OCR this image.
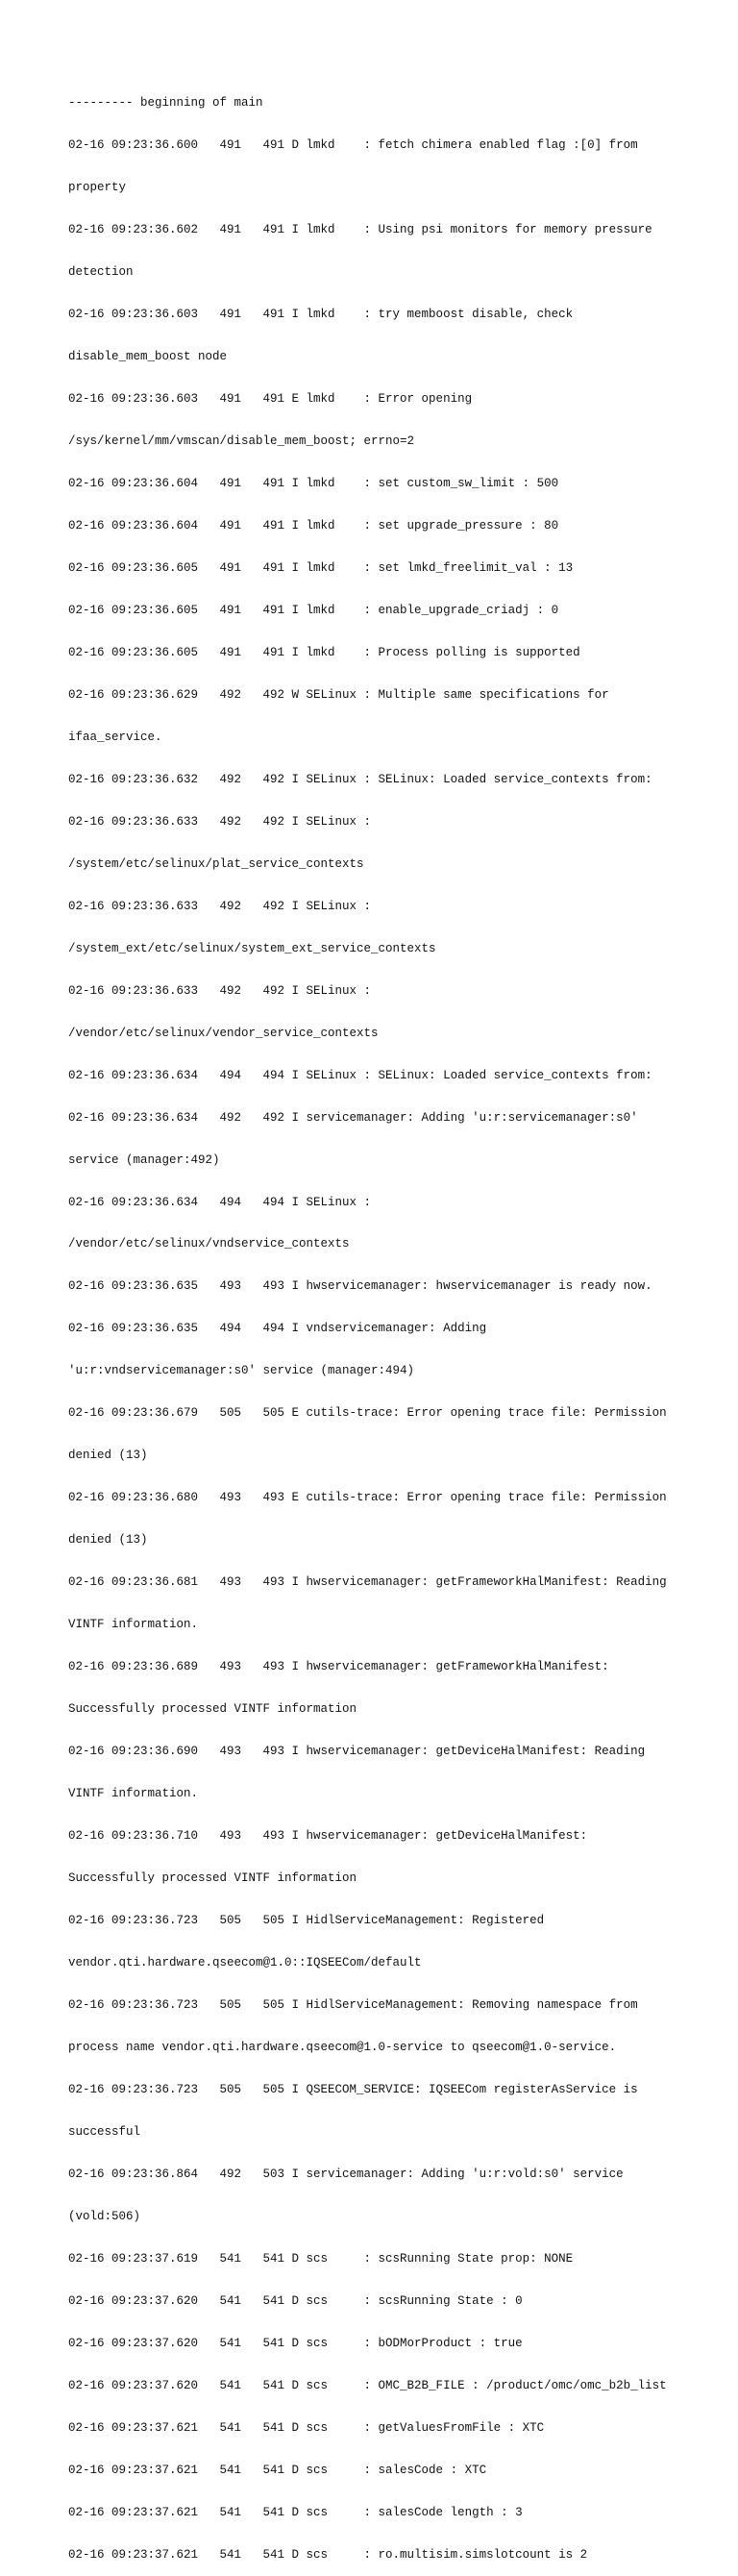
--------- beginning of main

02-16 09:23:36.600   491   491 D lmkd    : fetch chimera enabled flag :[0] from

property

02-16 09:23:36.602   491   491 I lmkd    : Using psi monitors for memory pressure

detection

02-16 09:23:36.603   491   491 I lmkd    : try memboost disable, check

disable_mem_boost node

02-16 09:23:36.603   491   491 E lmkd    : Error opening

/sys/kernel/mm/vmscan/disable_mem_boost; errno=2

02-16 09:23:36.604   491   491 I lmkd    : set custom_sw_limit : 500

02-16 09:23:36.604   491   491 I lmkd    : set upgrade_pressure : 80

02-16 09:23:36.605   491   491 I lmkd    : set lmkd_freelimit_val : 13

02-16 09:23:36.605   491   491 I lmkd    : enable_upgrade_criadj : 0

02-16 09:23:36.605   491   491 I lmkd    : Process polling is supported

02-16 09:23:36.629   492   492 W SELinux : Multiple same specifications for

ifaa_service.

02-16 09:23:36.632   492   492 I SELinux : SELinux: Loaded service_contexts from:

02-16 09:23:36.633   492   492 I SELinux :

/system/etc/selinux/plat_service_contexts

02-16 09:23:36.633   492   492 I SELinux :

/system_ext/etc/selinux/system_ext_service_contexts

02-16 09:23:36.633   492   492 I SELinux :

/vendor/etc/selinux/vendor_service_contexts

02-16 09:23:36.634   494   494 I SELinux : SELinux: Loaded service_contexts from:

02-16 09:23:36.634   492   492 I servicemanager: Adding 'u:r:servicemanager:s0'

service (manager:492)

02-16 09:23:36.634   494   494 I SELinux :

/vendor/etc/selinux/vndservice_contexts

02-16 09:23:36.635   493   493 I hwservicemanager: hwservicemanager is ready now.

02-16 09:23:36.635   494   494 I vndservicemanager: Adding

'u:r:vndservicemanager:s0' service (manager:494)

02-16 09:23:36.679   505   505 E cutils-trace: Error opening trace file: Permission

denied (13)

02-16 09:23:36.680   493   493 E cutils-trace: Error opening trace file: Permission

denied (13)

02-16 09:23:36.681   493   493 I hwservicemanager: getFrameworkHalManifest: Reading

VINTF information.

02-16 09:23:36.689   493   493 I hwservicemanager: getFrameworkHalManifest:

Successfully processed VINTF information

02-16 09:23:36.690   493   493 I hwservicemanager: getDeviceHalManifest: Reading

VINTF information.

02-16 09:23:36.710   493   493 I hwservicemanager: getDeviceHalManifest:

Successfully processed VINTF information

02-16 09:23:36.723   505   505 I HidlServiceManagement: Registered

vendor.qti.hardware.qseecom@1.0::IQSEECom/default

02-16 09:23:36.723   505   505 I HidlServiceManagement: Removing namespace from

process name vendor.qti.hardware.qseecom@1.0-service to qseecom@1.0-service.

02-16 09:23:36.723   505   505 I QSEECOM_SERVICE: IQSEECom registerAsService is

successful

02-16 09:23:36.864   492   503 I servicemanager: Adding 'u:r:vold:s0' service

(vold:506)

02-16 09:23:37.619   541   541 D scs     : scsRunning State prop: NONE

02-16 09:23:37.620   541   541 D scs     : scsRunning State : 0

02-16 09:23:37.620   541   541 D scs     : bODMorProduct : true

02-16 09:23:37.620   541   541 D scs     : OMC_B2B_FILE : /product/omc/omc_b2b_list

02-16 09:23:37.621   541   541 D scs     : getValuesFromFile : XTC

02-16 09:23:37.621   541   541 D scs     : salesCode : XTC

02-16 09:23:37.621   541   541 D scs     : salesCode length : 3

02-16 09:23:37.621   541   541 D scs     : ro.multisim.simslotcount is 2
